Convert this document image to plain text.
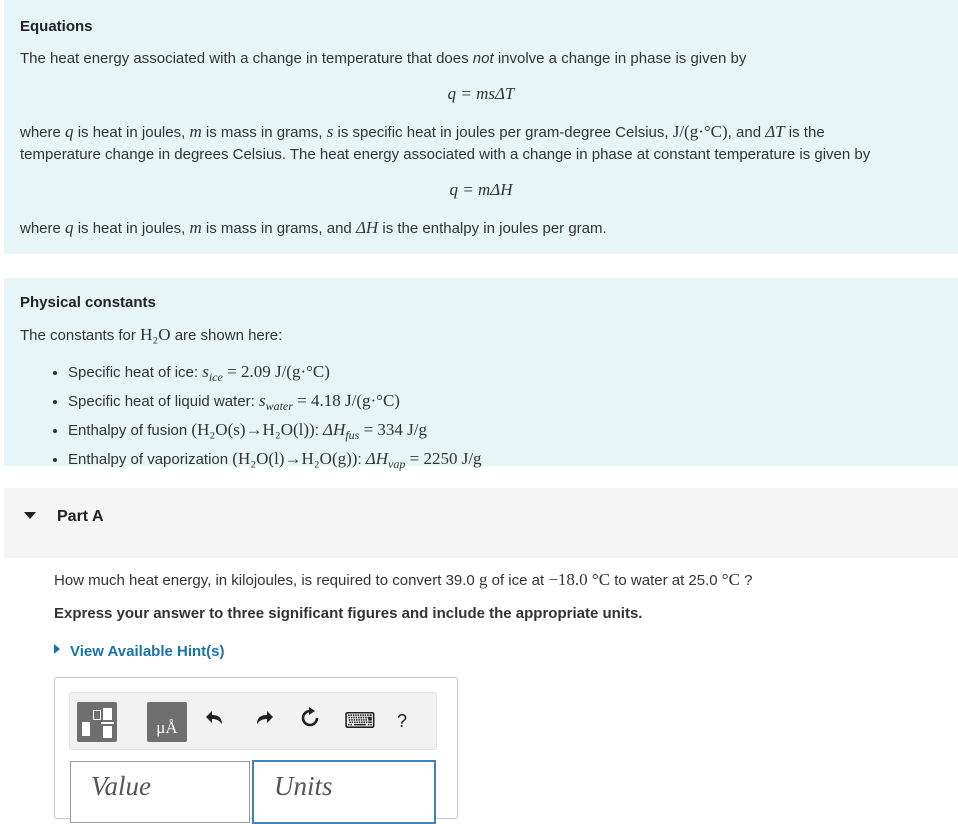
Equations
The heat energy associated with a change in temperature that does not involve a change in phase is given by
q = msΔT
where q is heat in joules, m is mass in grams, s is specific heat in joules per gram-degree Celsius, J/(g·°C), and ΔT is the
temperature change in degrees Celsius. The heat energy associated with a change in phase at constant temperature is given by
q = mΔH
where q is heat in joules, m is mass in grams, and ΔH is the enthalpy in joules per gram.
Physical constants
The constants for H₂O are shown here:
• Specific heat of ice: $s_{ice} = 2.09$ J/(g·°C)
• Specific heat of liquid water: $s_{water} = 4.18$ J/(g·°C)
• Enthalpy of fusion (H₂O(s)→H₂O(l)): $\Delta H_{fus} = 334$ J/g
• Enthalpy of vaporization (H₂O(l)→H₂O(g)): $\Delta H_{vap} = 2250$ J/g
Part A
How much heat energy, in kilojoules, is required to convert 39.0 g of ice at −18.0 °C to water at 25.0 °C ?
Express your answer to three significant figures and include the appropriate units.
View Available Hint(s)
μÅ	⌨	?
Value
Units
